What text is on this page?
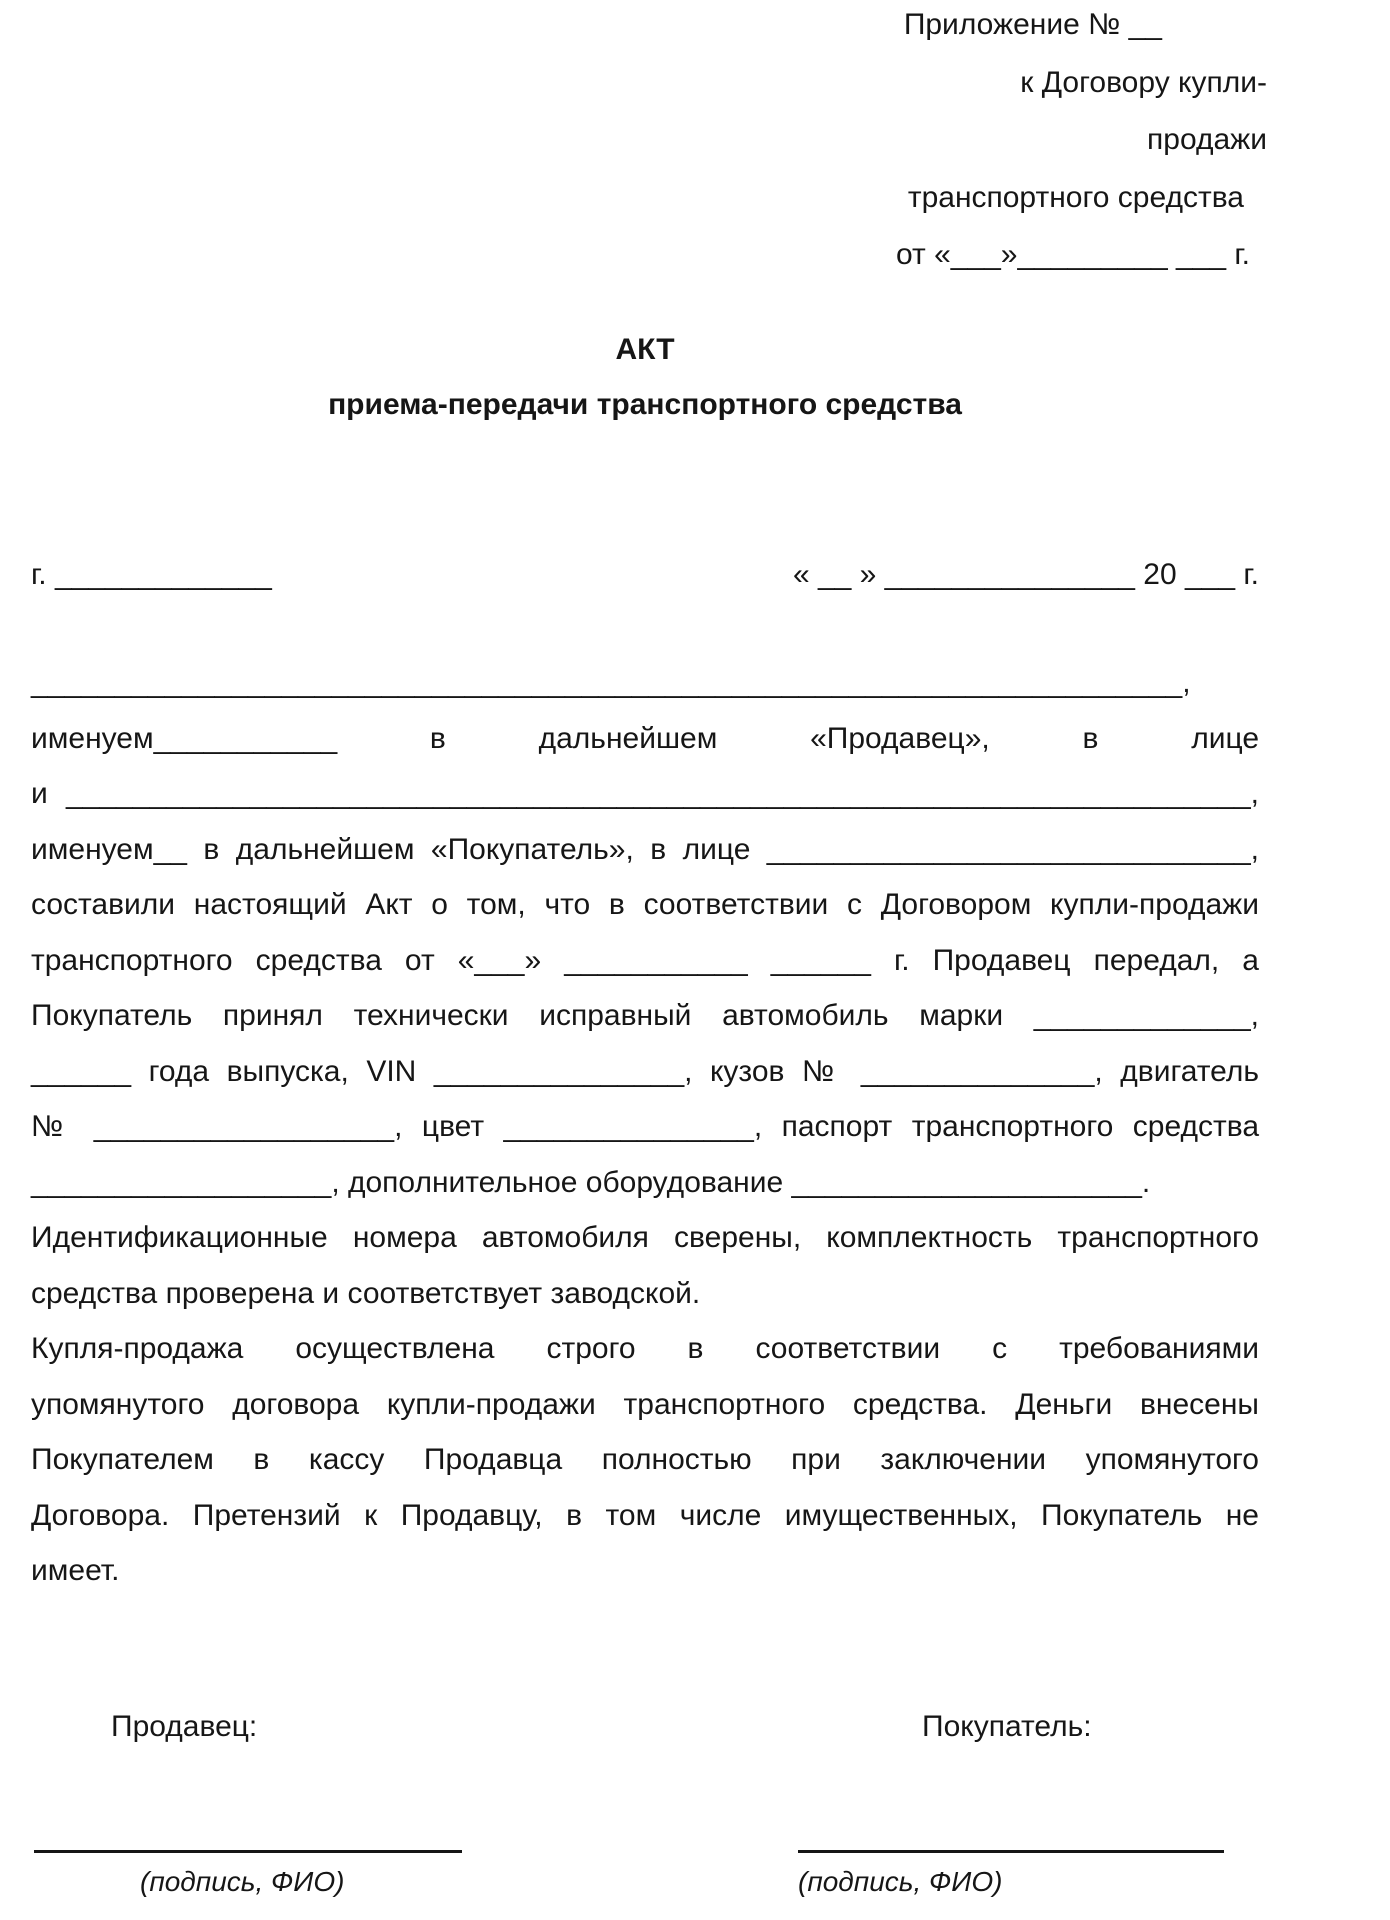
Приложение № __
к Договору купли-
продажи
транспортного средства
от «___»_________ ___ г.
АКТ
приема-передачи транспортного средства
г. _____________	« __ » _______________ 20 ___ г.
_____________________________________________________________________,
именуем___________ в дальнейшем «Продавец», в лице
и _______________________________________________________________________,
именуем__ в дальнейшем «Покупатель», в лице _____________________________,
составили настоящий Акт о том, что в соответствии с Договором купли-продажи
транспортного средства от «___» ___________ ______ г. Продавец передал, а
Покупатель принял технически исправный автомобиль марки _____________,
______ года выпуска, VIN _______________, кузов № ______________, двигатель
№ __________________, цвет _______________, паспорт транспортного средства
__________________, дополнительное оборудование _____________________.
Идентификационные номера автомобиля сверены, комплектность транспортного
средства проверена и соответствует заводской.
Купля-продажа осуществлена строго в соответствии с требованиями
упомянутого договора купли-продажи транспортного средства. Деньги внесены
Покупателем в кассу Продавца полностью при заключении упомянутого
Договора. Претензий к Продавцу, в том числе имущественных, Покупатель не
имеет.
Продавец:	Покупатель:
(подпись, ФИО)	(подпись, ФИО)
